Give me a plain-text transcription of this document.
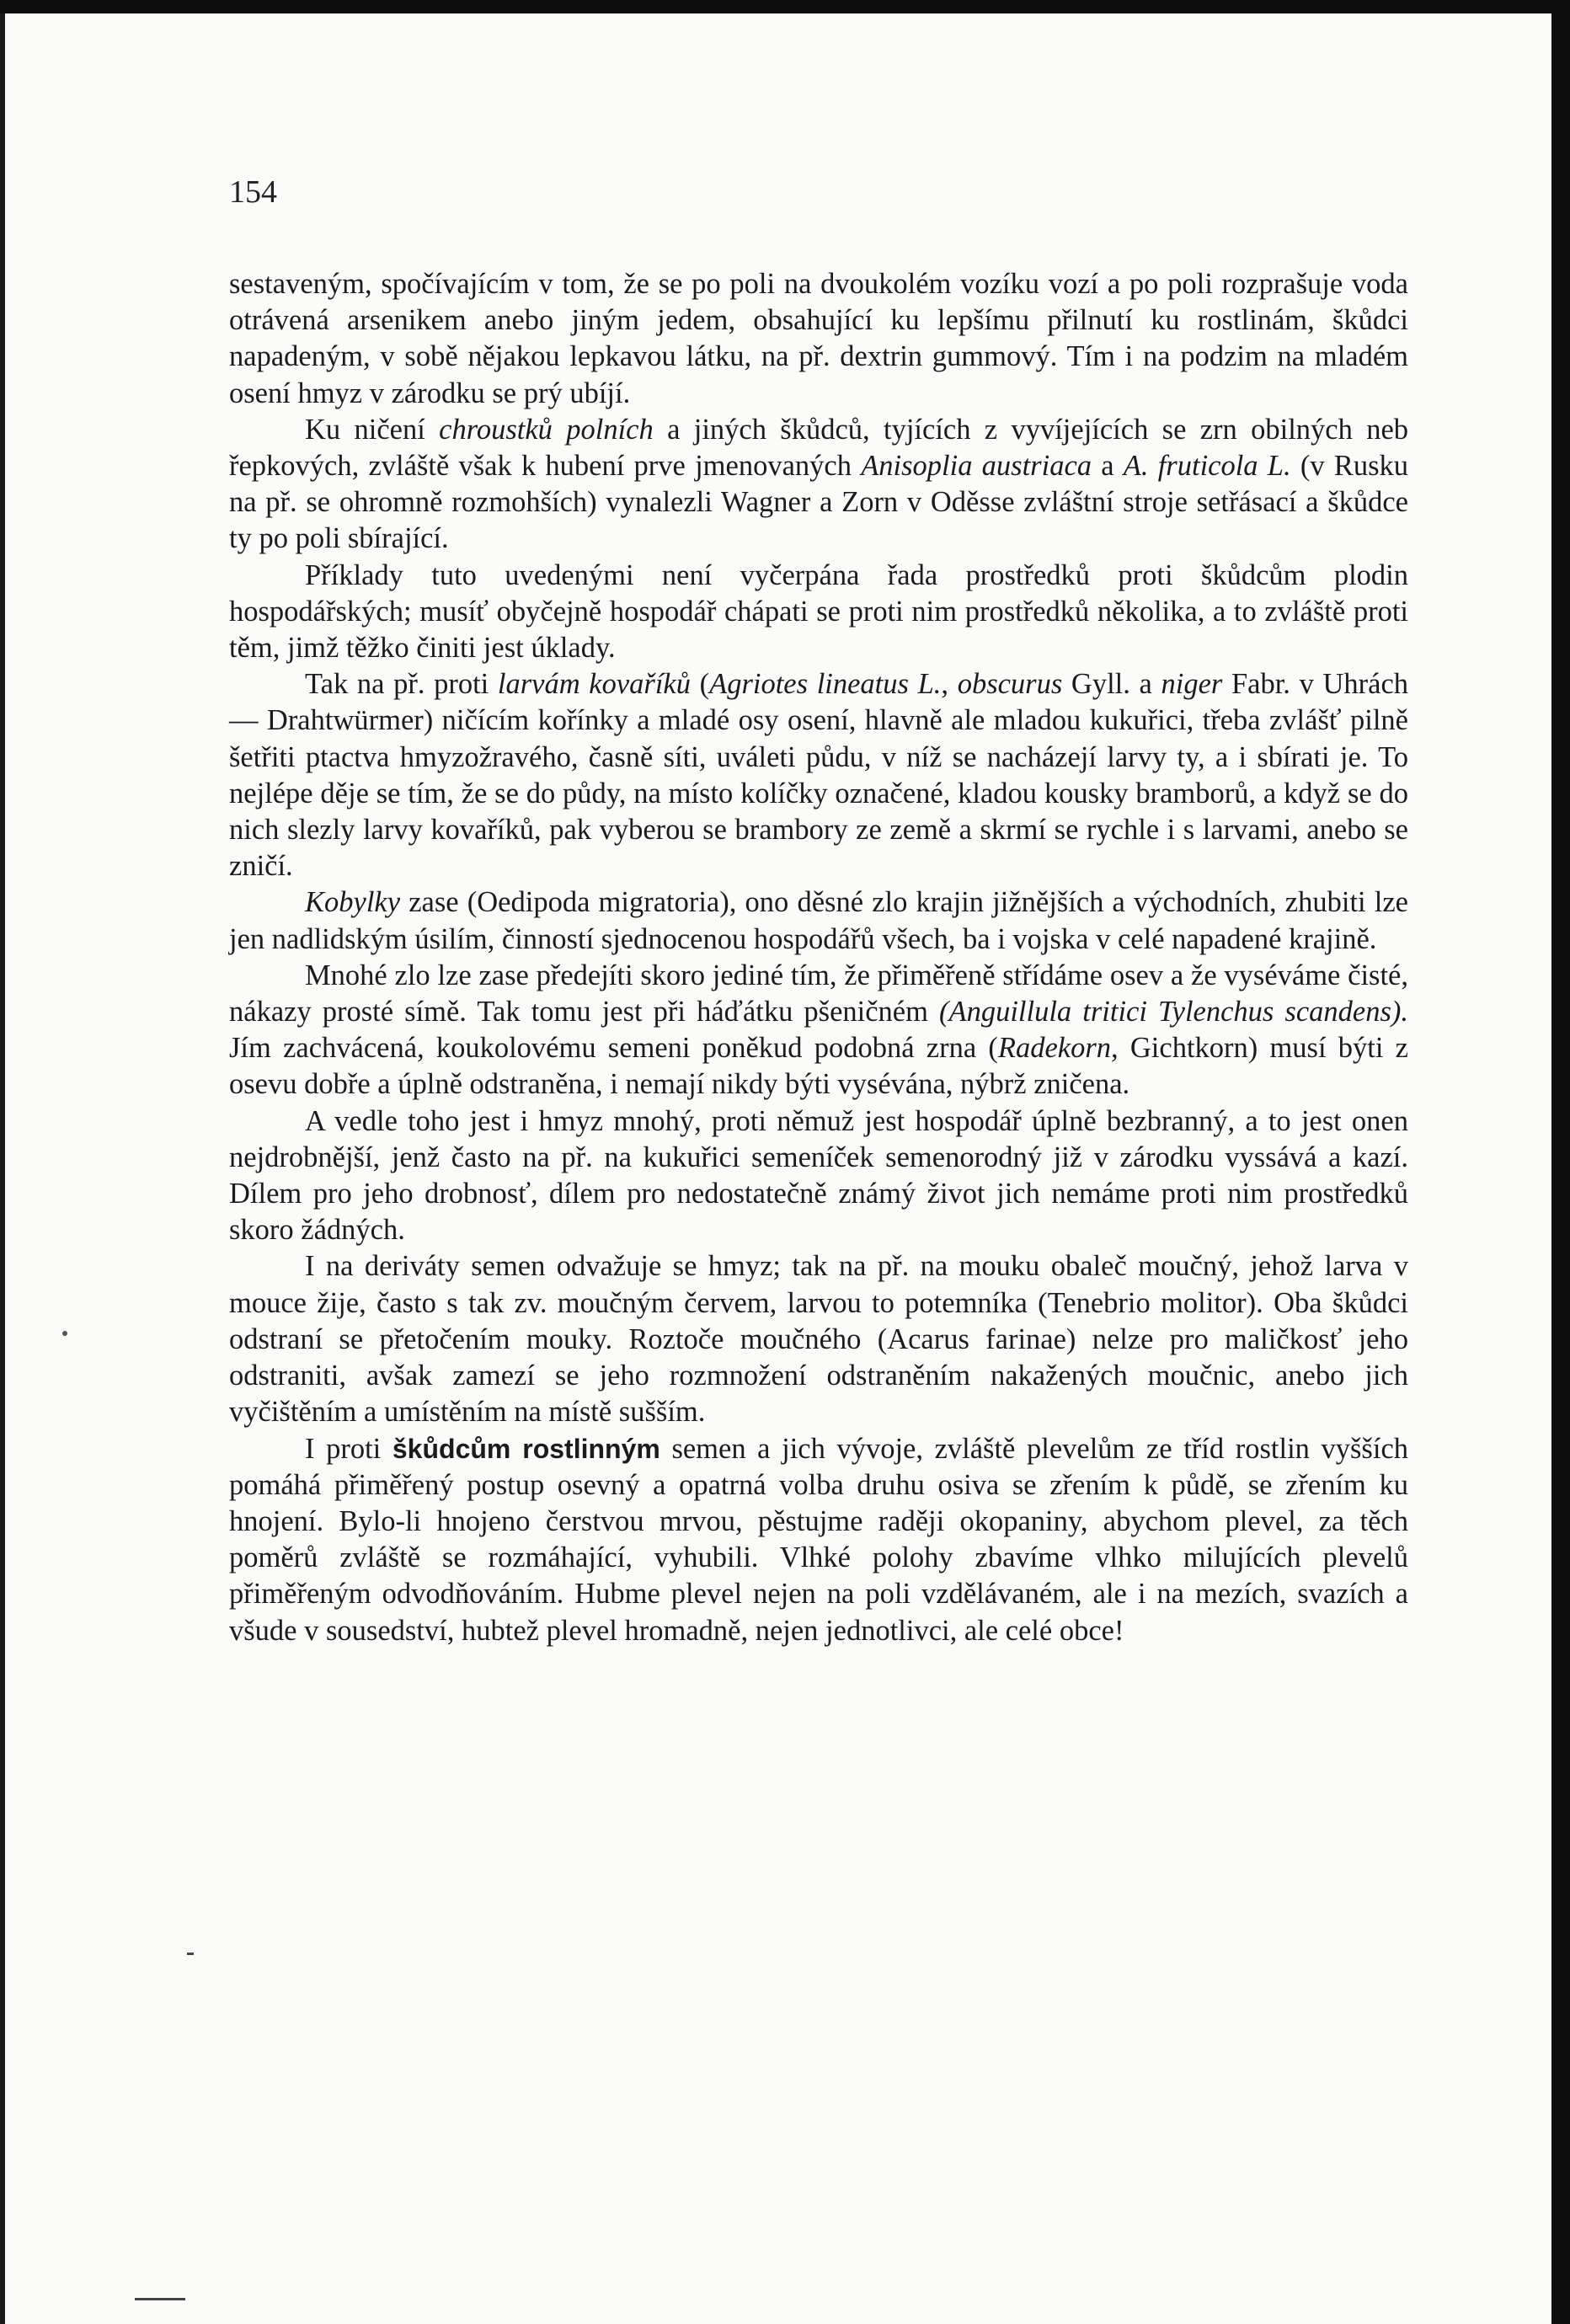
154

sestaveným, spočívajícím v tom, že se po poli na dvoukolém vozíku vozí a po poli rozprašuje voda otrávená arsenikem anebo jiným jedem, obsahující ku lepšímu přilnutí ku rostlinám, škůdci napadeným, v sobě nějakou lepkavou látku, na př. dextrin gummový. Tím i na podzim na mladém osení hmyz v zárodku se prý ubíjí.

Ku ničení chroustků polních a jiných škůdců, tyjících z vyvíjejících se zrn obilných neb řepkových, zvláště však k hubení prve jmenovaných Anisoplia austriaca a A. fruticola L. (v Rusku na př. se ohromně rozmohších) vynalezli Wagner a Zorn v Oděsse zvláštní stroje setřásací a škůdce ty po poli sbírající.

Příklady tuto uvedenými není vyčerpána řada prostředků proti škůdcům plodin hospodářských; musíť obyčejně hospodář chápati se proti nim prostředků několika, a to zvláště proti těm, jimž těžko činiti jest úklady.

Tak na př. proti larvám kovaříků (Agriotes lineatus L., obscurus Gyll. a niger Fabr. v Uhrách — Drahtwürmer) ničícím kořínky a mladé osy osení, hlavně ale mladou kukuřici, třeba zvlášť pilně šetřiti ptactva hmyzožravého, časně síti, uváleti půdu, v níž se nacházejí larvy ty, a i sbírati je. To nejlépe děje se tím, že se do půdy, na místo kolíčky označené, kladou kousky bramborů, a když se do nich slezly larvy kovaříků, pak vyberou se brambory ze země a skrmí se rychle i s larvami, anebo se zničí.

Kobylky zase (Oedipoda migratoria), ono děsné zlo krajin jižnějších a východních, zhubiti lze jen nadlidským úsilím, činností sjednocenou hospodářů všech, ba i vojska v celé napadené krajině.

Mnohé zlo lze zase předejíti skoro jediné tím, že přiměřeně střídáme osev a že vyséváme čisté, nákazy prosté símě. Tak tomu jest při háďátku pšeničném (Anguillula tritici Tylenchus scandens). Jím zachvácená, koukolovému semeni poněkud podobná zrna (Radekorn, Gichtkorn) musí býti z osevu dobře a úplně odstraněna, i nemají nikdy býti vysévána, nýbrž zničena.

A vedle toho jest i hmyz mnohý, proti němuž jest hospodář úplně bezbranný, a to jest onen nejdrobnější, jenž často na př. na kukuřici semeníček semenorodný již v zárodku vyssává a kazí. Dílem pro jeho drobnosť, dílem pro nedostatečně známý život jich nemáme proti nim prostředků skoro žádných.

I na deriváty semen odvažuje se hmyz; tak na př. na mouku obaleč moučný, jehož larva v mouce žije, často s tak zv. moučným červem, larvou to potemníka (Tenebrio molitor). Oba škůdci odstraní se přetočením mouky. Roztoče moučného (Acarus farinae) nelze pro maličkosť jeho odstraniti, avšak zamezí se jeho rozmnožení odstraněním nakažených moučnic, anebo jich vyčištěním a umístěním na místě sušším.

I proti škůdcům rostlinným semen a jich vývoje, zvláště plevelům ze tříd rostlin vyšších pomáhá přiměřený postup osevný a opatrná volba druhu osiva se zřením k půdě, se zřením ku hnojení. Bylo-li hnojeno čerstvou mrvou, pěstujme raději okopaniny, abychom plevel, za těch poměrů zvláště se rozmáhající, vyhubili. Vlhké polohy zbavíme vlhko milujících plevelů přiměřeným odvodňováním. Hubme plevel nejen na poli vzdělávaném, ale i na mezích, svazích a všude v sousedství, hubtež plevel hromadně, nejen jednotlivci, ale celé obce!
